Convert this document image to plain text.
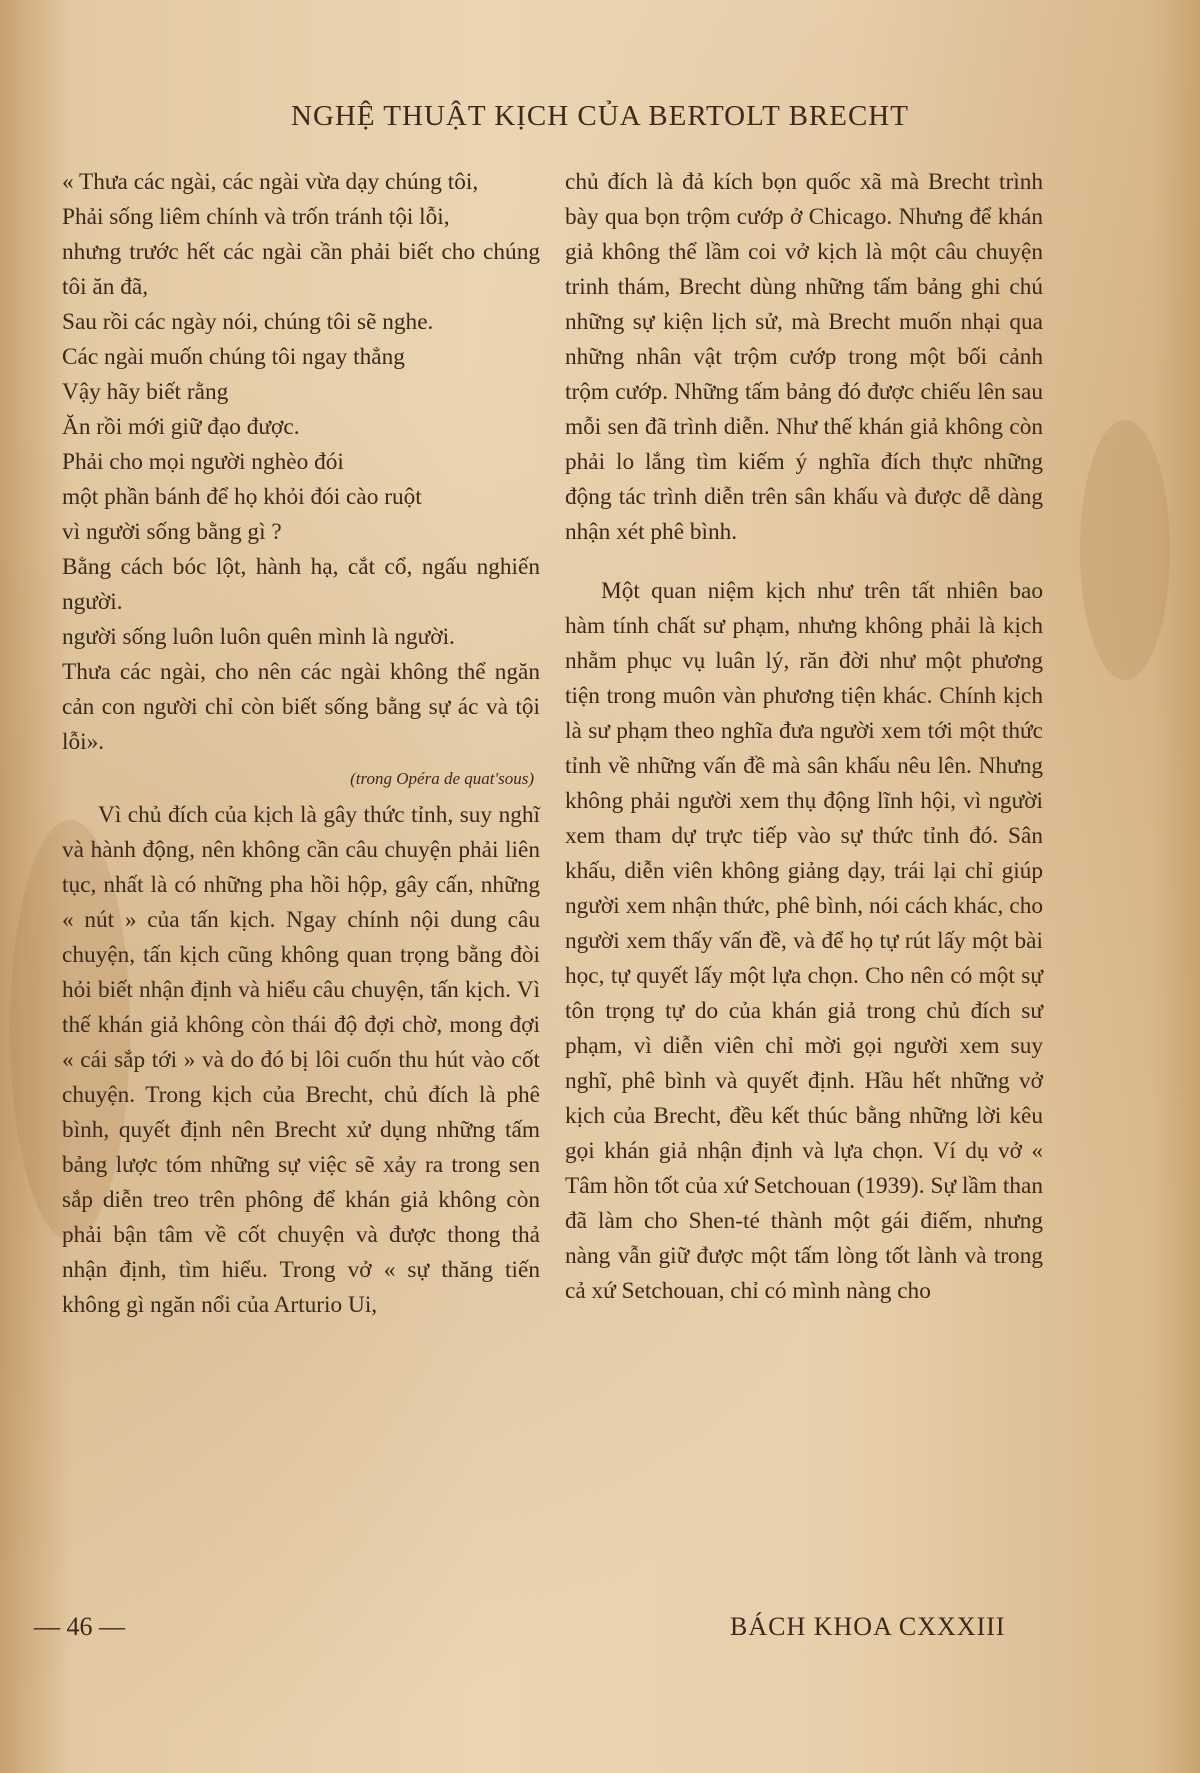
NGHỆ THUẬT KỊCH CỦA BERTOLT BRECHT
« Thưa các ngài, các ngài vừa dạy chúng tôi,
Phải sống liêm chính và trốn tránh tội lỗi,
nhưng trước hết các ngài cần phải biết cho chúng tôi ăn đã,
Sau rồi các ngày nói, chúng tôi sẽ nghe.
Các ngài muốn chúng tôi ngay thẳng
Vậy hãy biết rằng
Ăn rồi mới giữ đạo được.
Phải cho mọi người nghèo đói
một phần bánh để họ khỏi đói cào ruột
vì người sống bằng gì ?
Bằng cách bóc lột, hành hạ, cắt cổ, ngấu nghiến người.
người sống luôn luôn quên mình là người.
Thưa các ngài, cho nên các ngài không thể ngăn cản con người chỉ còn biết sống bằng sự ác và tội lỗi».
(trong Opéra de quat'sous)

Vì chủ đích của kịch là gây thức tỉnh, suy nghĩ và hành động, nên không cần câu chuyện phải liên tục, nhất là có những pha hồi hộp, gây cấn, những « nút » của tấn kịch. Ngay chính nội dung câu chuyện, tấn kịch cũng không quan trọng bằng đòi hỏi biết nhận định và hiểu câu chuyện, tấn kịch. Vì thế khán giả không còn thái độ đợi chờ, mong đợi « cái sắp tới » và do đó bị lôi cuốn thu hút vào cốt chuyện. Trong kịch của Brecht, chủ đích là phê bình, quyết định nên Brecht xử dụng những tấm bảng lược tóm những sự việc sẽ xảy ra trong sen sắp diễn treo trên phông để khán giả không còn phải bận tâm về cốt chuyện và được thong thả nhận định, tìm hiểu. Trong vở « sự thăng tiến không gì ngăn nổi của Arturio Ui,

chủ đích là đả kích bọn quốc xã mà Brecht trình bày qua bọn trộm cướp ở Chicago. Nhưng để khán giả không thể lầm coi vở kịch là một câu chuyện trinh thám, Brecht dùng những tấm bảng ghi chú những sự kiện lịch sử, mà Brecht muốn nhại qua những nhân vật trộm cướp trong một bối cảnh trộm cướp. Những tấm bảng đó được chiếu lên sau mỗi sen đã trình diễn. Như thế khán giả không còn phải lo lắng tìm kiếm ý nghĩa đích thực những động tác trình diễn trên sân khấu và được dễ dàng nhận xét phê bình.

Một quan niệm kịch như trên tất nhiên bao hàm tính chất sư phạm, nhưng không phải là kịch nhằm phục vụ luân lý, răn đời như một phương tiện trong muôn vàn phương tiện khác. Chính kịch là sư phạm theo nghĩa đưa người xem tới một thức tỉnh về những vấn đề mà sân khấu nêu lên. Nhưng không phải người xem thụ động lĩnh hội, vì người xem tham dự trực tiếp vào sự thức tỉnh đó. Sân khấu, diễn viên không giảng dạy, trái lại chỉ giúp người xem nhận thức, phê bình, nói cách khác, cho người xem thấy vấn đề, và để họ tự rút lấy một bài học, tự quyết lấy một lựa chọn. Cho nên có một sự tôn trọng tự do của khán giả trong chủ đích sư phạm, vì diễn viên chỉ mời gọi người xem suy nghĩ, phê bình và quyết định. Hầu hết những vở kịch của Brecht, đều kết thúc bằng những lời kêu gọi khán giả nhận định và lựa chọn. Ví dụ vở « Tâm hồn tốt của xứ Setchouan (1939). Sự lầm than đã làm cho Shen-té thành một gái điếm, nhưng nàng vẫn giữ được một tấm lòng tốt lành và trong cả xứ Setchouan, chỉ có mình nàng cho

— 46 —	BÁCH KHOA CXXXIII
